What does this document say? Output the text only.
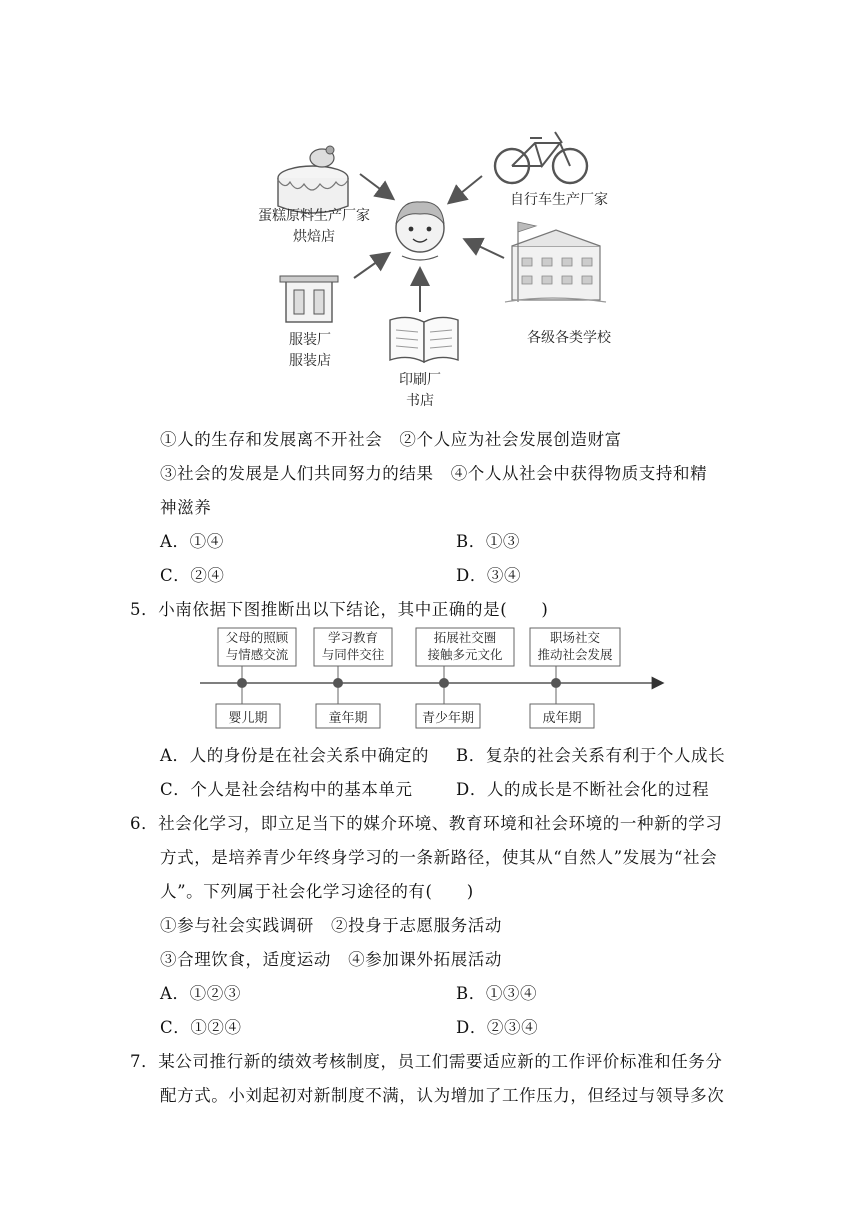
蛋糕原料生产厂家
烘焙店
自行车生产厂家
服装厂
服装店
印刷厂
书店
各级各类学校
①人的生存和发展离不开社会　②个人应为社会发展创造财富
③社会的发展是人们共同努力的结果　④个人从社会中获得物质支持和精
神滋养
A．①④	B．①③
C．②④	D．③④
5．小南依据下图推断出以下结论，其中正确的是(　　)
父母的照顾
与情感交流
学习教育
与同伴交往
拓展社交圈
接触多元文化
职场社交
推动社会发展
婴儿期	童年期	青少年期	成年期
A．人的身份是在社会关系中确定的 B．复杂的社会关系有利于个人成长
C．个人是社会结构中的基本单元	D．人的成长是不断社会化的过程
6．社会化学习，即立足当下的媒介环境、教育环境和社会环境的一种新的学习
方式，是培养青少年终身学习的一条新路径，使其从“自然人”发展为“社会
人”。下列属于社会化学习途径的有(　　)
①参与社会实践调研　②投身于志愿服务活动
③合理饮食，适度运动　④参加课外拓展活动
A．①②③	B．①③④
C．①②④	D．②③④
7．某公司推行新的绩效考核制度，员工们需要适应新的工作评价标准和任务分
配方式。小刘起初对新制度不满，认为增加了工作压力，但经过与领导多次
